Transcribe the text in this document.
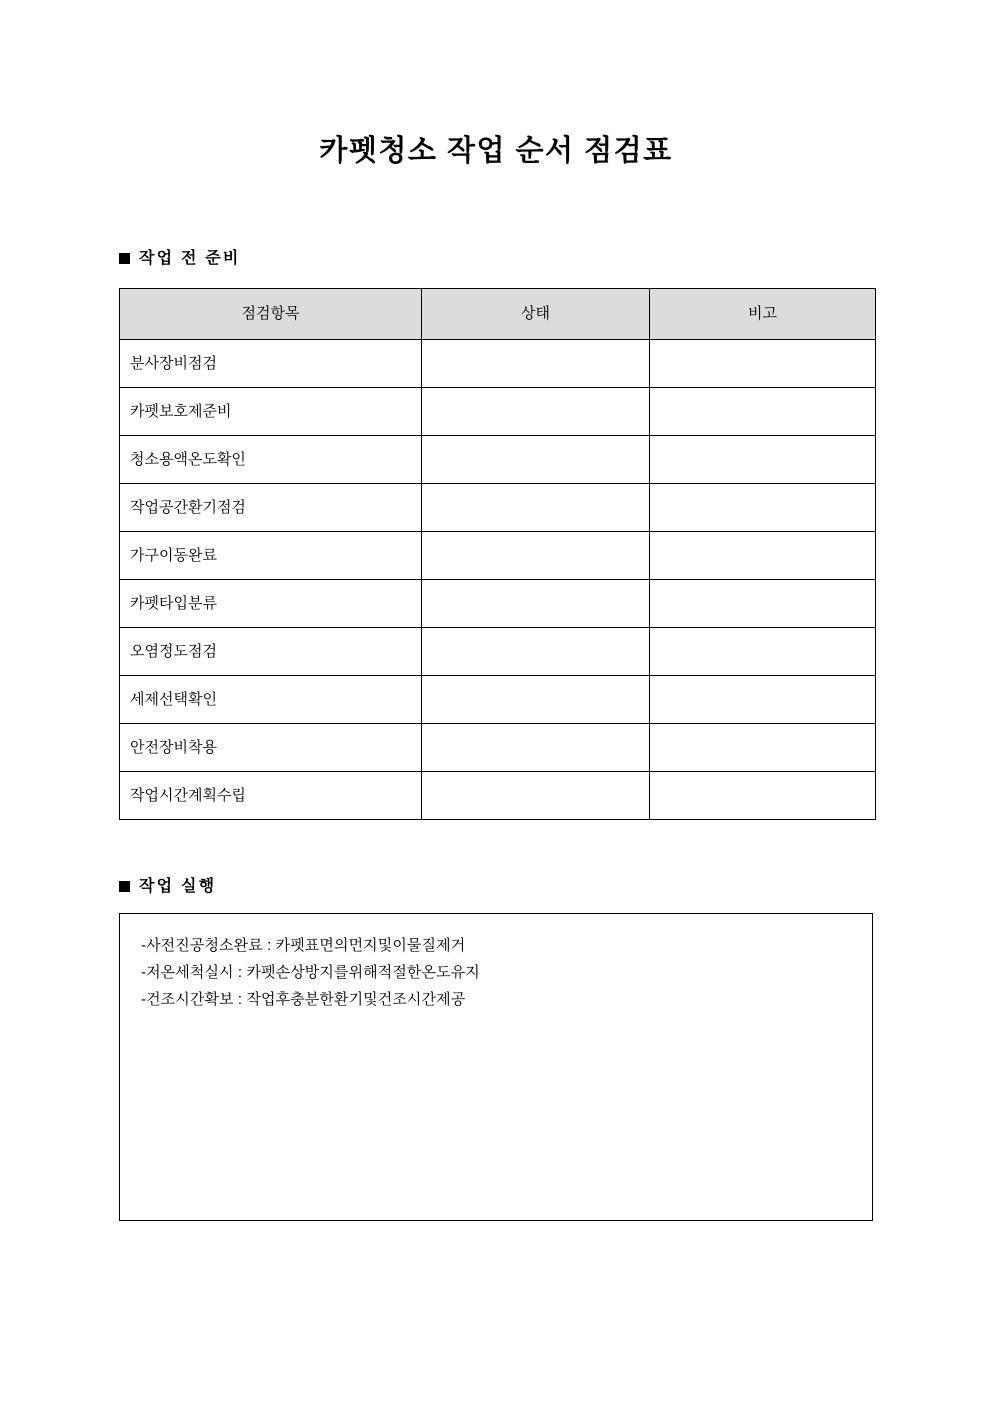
카펫청소 작업 순서 점검표
작업 전 준비
점검항목	상태	비고
분사장비점검		
카펫보호제준비		
청소용액온도확인		
작업공간환기점검		
가구이동완료		
카펫타입분류		
오염정도점검		
세제선택확인		
안전장비착용		
작업시간계획수립		
작업 실행
-사전진공청소완료 : 카펫표면의먼지및이물질제거
-저온세척실시 : 카펫손상방지를위해적절한온도유지
-건조시간확보 : 작업후충분한환기및건조시간제공
